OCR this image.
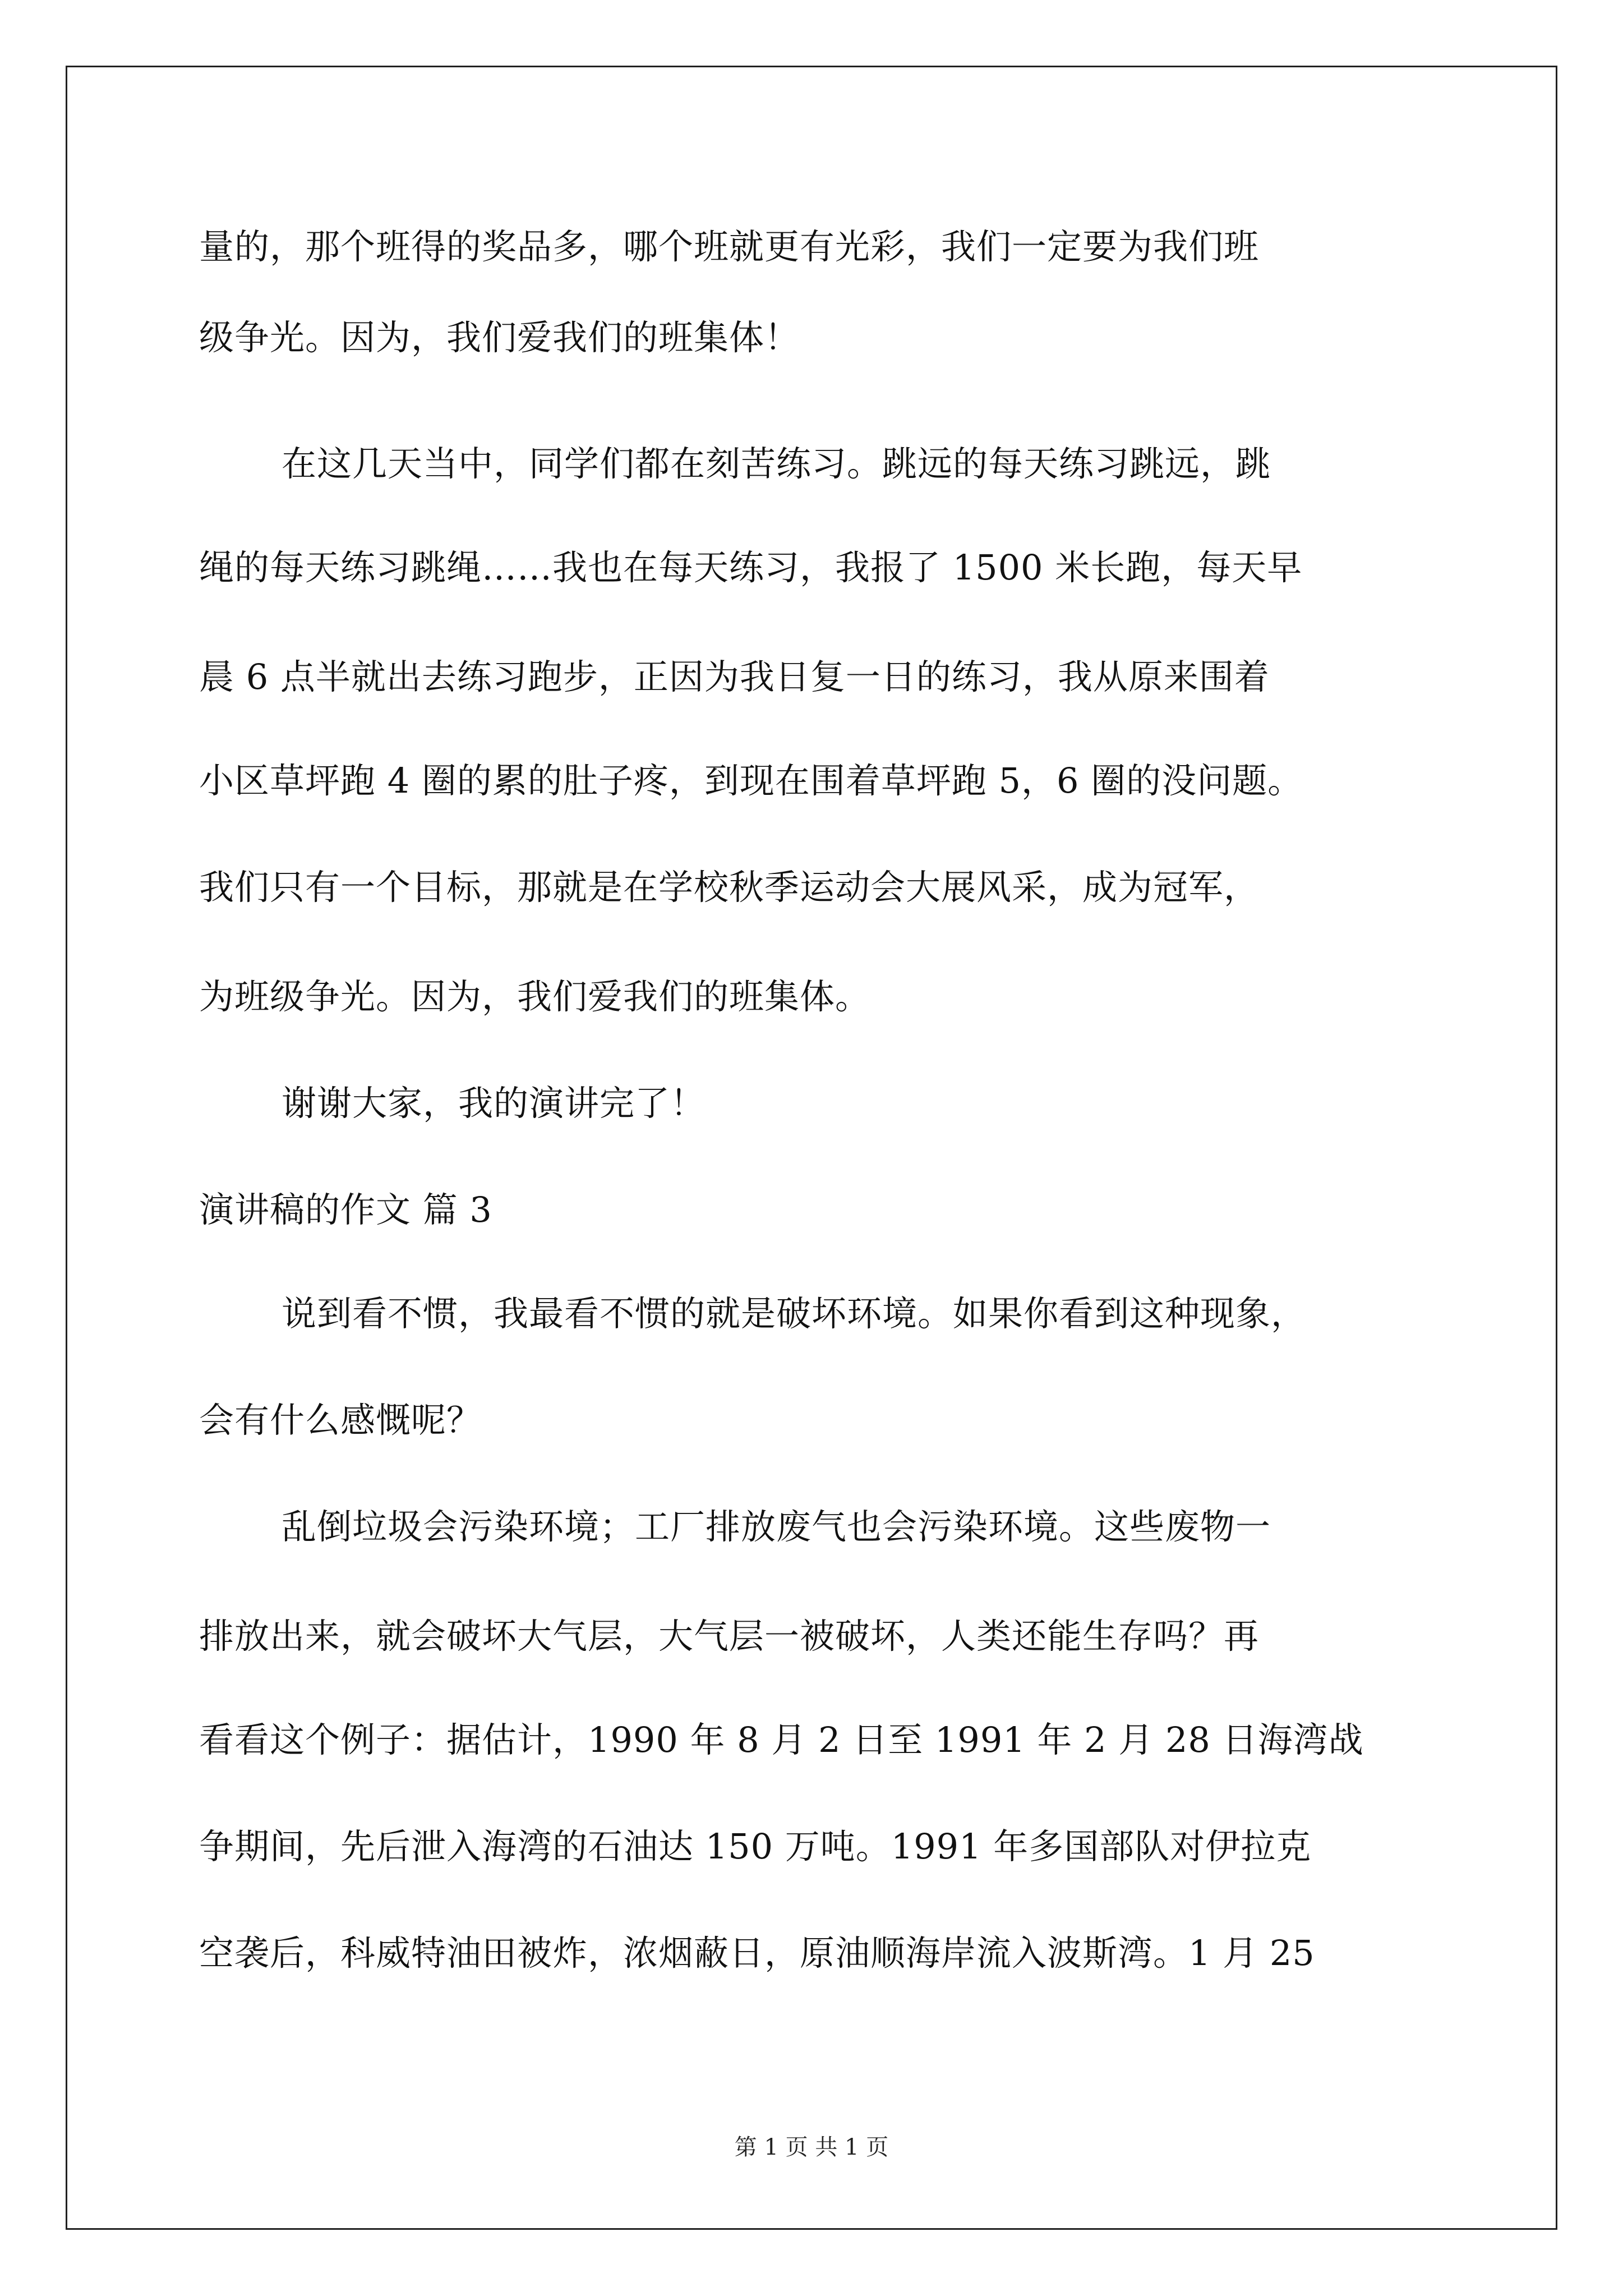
量的，那个班得的奖品多，哪个班就更有光彩，我们一定要为我们班
级争光。因为，我们爱我们的班集体！
在这几天当中，同学们都在刻苦练习。跳远的每天练习跳远，跳
绳的每天练习跳绳……我也在每天练习，我报了 1500 米长跑，每天早
晨 6 点半就出去练习跑步，正因为我日复一日的练习，我从原来围着
小区草坪跑 4 圈的累的肚子疼，到现在围着草坪跑 5，6 圈的没问题。
我们只有一个目标，那就是在学校秋季运动会大展风采，成为冠军，
为班级争光。因为，我们爱我们的班集体。
谢谢大家，我的演讲完了！
演讲稿的作文 篇 3
说到看不惯，我最看不惯的就是破坏环境。如果你看到这种现象，
会有什么感慨呢？
乱倒垃圾会污染环境；工厂排放废气也会污染环境。这些废物一
排放出来，就会破坏大气层，大气层一被破坏，人类还能生存吗？再
看看这个例子：据估计，1990 年 8 月 2 日至 1991 年 2 月 28 日海湾战
争期间，先后泄入海湾的石油达 150 万吨。1991 年多国部队对伊拉克
空袭后，科威特油田被炸，浓烟蔽日，原油顺海岸流入波斯湾。1 月 25
第 1 页 共 1 页
